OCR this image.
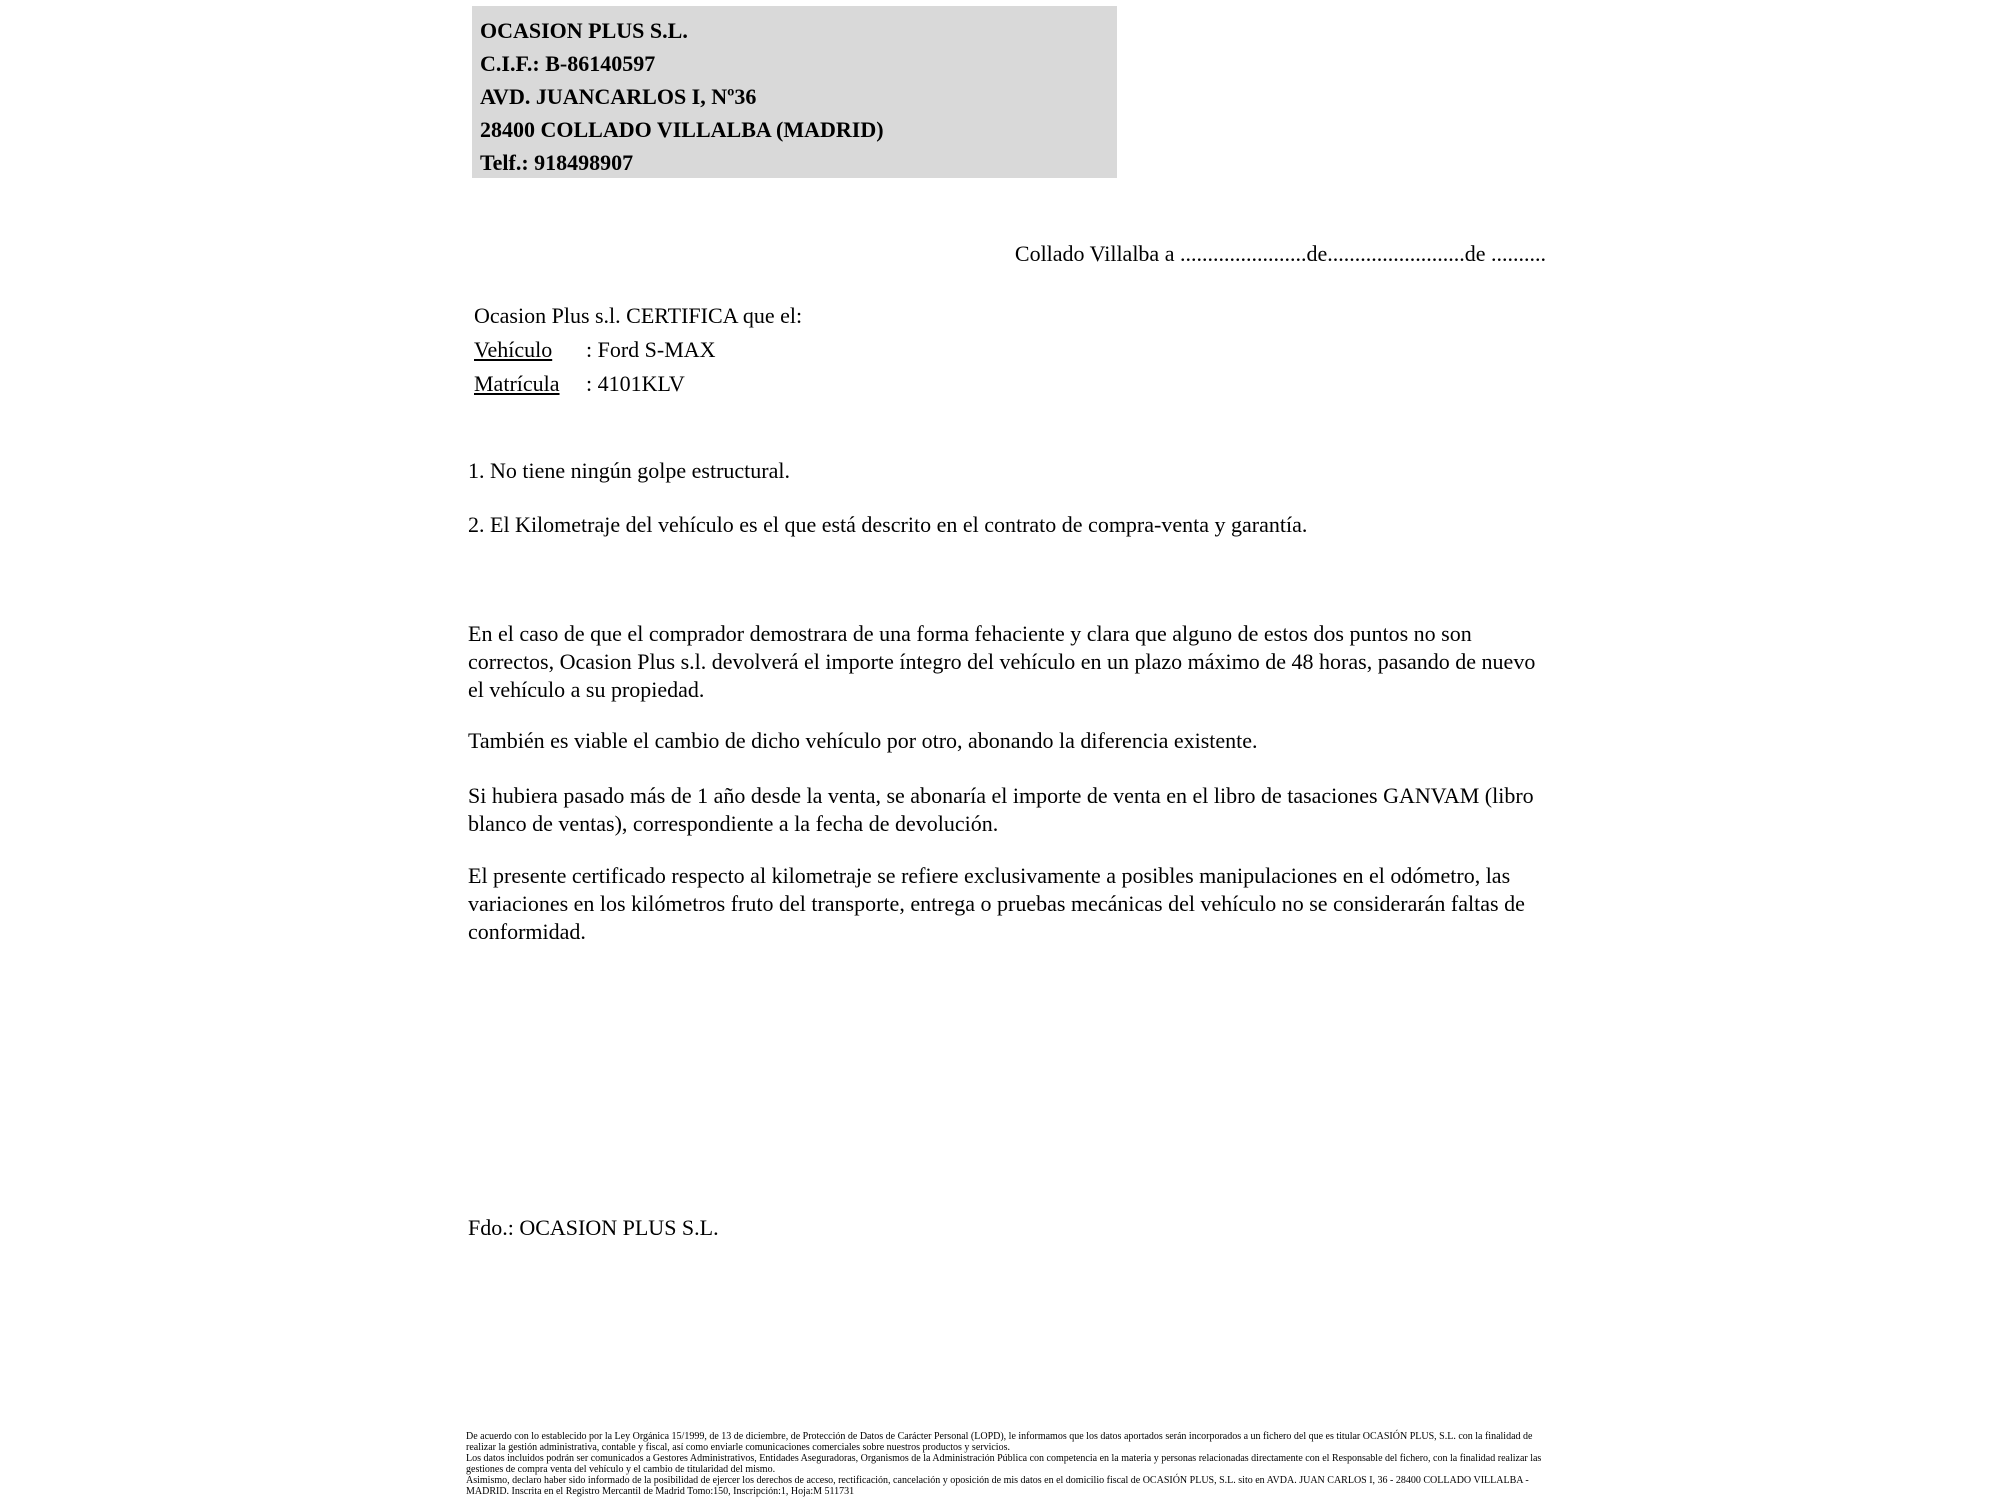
OCASION PLUS S.L.
C.I.F.: B-86140597
AVD. JUANCARLOS I, Nº36
28400 COLLADO VILLALBA (MADRID)
Telf.: 918498907
Collado Villalba a .......................de.........................de ..........
Ocasion Plus s.l. CERTIFICA que el:
Vehículo : Ford S-MAX
Matrícula : 4101KLV
1. No tiene ningún golpe estructural.
2. El Kilometraje del vehículo es el que está descrito en el contrato de compra-venta y garantía.
En el caso de que el comprador demostrara de una forma fehaciente y clara que alguno de estos dos puntos no son correctos, Ocasion Plus s.l. devolverá el importe íntegro del vehículo en un plazo máximo de 48 horas, pasando de nuevo el vehículo a su propiedad.
También es viable el cambio de dicho vehículo por otro, abonando la diferencia existente.
Si hubiera pasado más de 1 año desde la venta, se abonaría el importe de venta en el libro de tasaciones GANVAM (libro blanco de ventas), correspondiente a la fecha de devolución.
El presente certificado respecto al kilometraje se refiere exclusivamente a posibles manipulaciones en el odómetro, las variaciones en los kilómetros fruto del transporte, entrega o pruebas mecánicas del vehículo no se considerarán faltas de conformidad.
Fdo.: OCASION PLUS S.L.

De acuerdo con lo establecido por la Ley Orgánica 15/1999, de 13 de diciembre, de Protección de Datos de Carácter Personal (LOPD), le informamos que los datos aportados serán incorporados a un fichero del que es titular OCASIÓN PLUS, S.L. con la finalidad de realizar la gestión administrativa, contable y fiscal, así como enviarle comunicaciones comerciales sobre nuestros productos y servicios.

Los datos incluidos podrán ser comunicados a Gestores Administrativos, Entidades Aseguradoras, Organismos de la Administración Pública con competencia en la materia y personas relacionadas directamente con el Responsable del fichero, con la finalidad realizar las gestiones de compra venta del vehículo y el cambio de titularidad del mismo.

Asimismo, declaro haber sido informado de la posibilidad de ejercer los derechos de acceso, rectificación, cancelación y oposición de mis datos en el domicilio fiscal de OCASIÓN PLUS, S.L. sito en AVDA. JUAN CARLOS I, 36 - 28400 COLLADO VILLALBA - MADRID. Inscrita en el Registro Mercantil de Madrid Tomo:150, Inscripción:1, Hoja:M 511731
